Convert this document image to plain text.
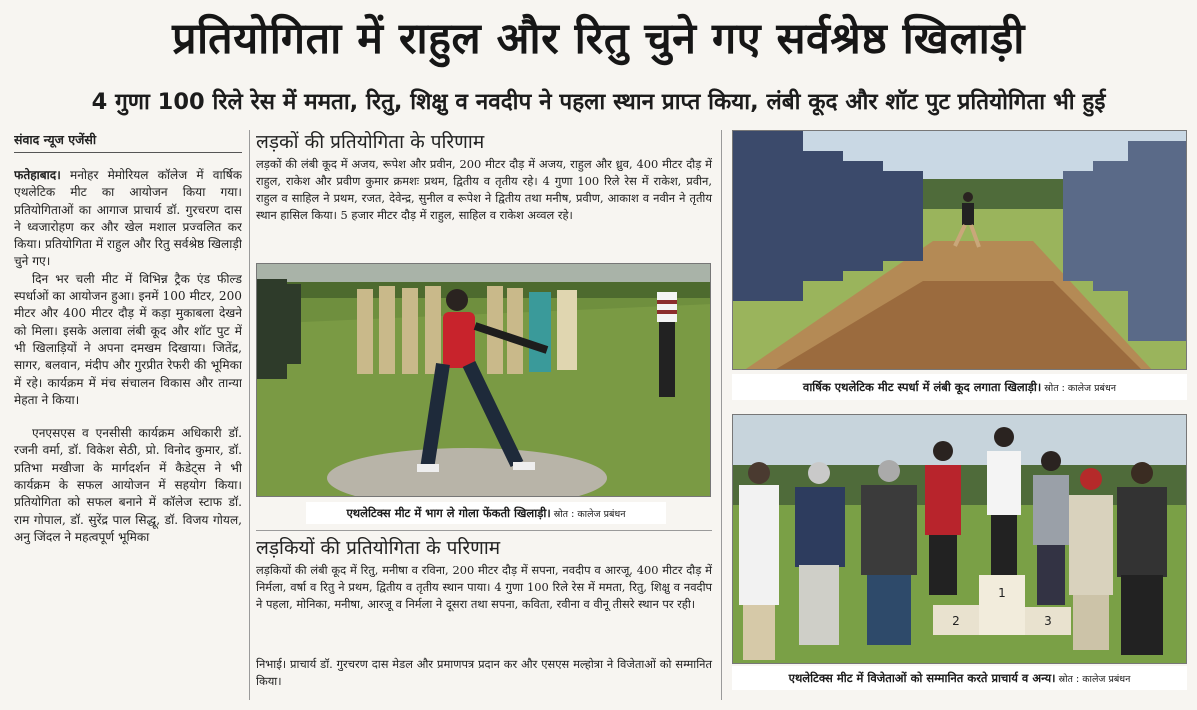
प्रतियोगिता में राहुल और रितु चुने गए सर्वश्रेष्ठ खिलाड़ी
4 गुणा 100 रिले रेस में ममता, रितु, शिक्षु व नवदीप ने पहला स्थान प्राप्त किया, लंबी कूद और शॉट पुट प्रतियोगिता भी हुई
संवाद न्यूज एजेंसी

फतेहाबाद। मनोहर मेमोरियल कॉलेज में वार्षिक एथलेटिक मीट का आयोजन किया गया। प्रतियोगिताओं का आगाज प्राचार्य डॉ. गुरचरण दास ने ध्वजारोहण कर और खेल मशाल प्रज्वलित कर किया। प्रतियोगिता में राहुल और रितु सर्वश्रेष्ठ खिलाड़ी चुने गए।

दिन भर चली मीट में विभिन्न ट्रैक एंड फील्ड स्पर्धाओं का आयोजन हुआ। इनमें 100 मीटर, 200 मीटर और 400 मीटर दौड़ में कड़ा मुकाबला देखने को मिला। इसके अलावा लंबी कूद और शॉट पुट में भी खिलाड़ियों ने अपना दमखम दिखाया। जितेंद्र, सागर, बलवान, मंदीप और गुरप्रीत रेफरी की भूमिका में रहे। कार्यक्रम में मंच संचालन विकास और तान्या मेहता ने किया।

एनएसएस व एनसीसी कार्यक्रम अधिकारी डॉ. रजनी वर्मा, डॉ. विकेश सेठी, प्रो. विनोद कुमार, डॉ. प्रतिभा मखीजा के मार्गदर्शन में कैडेट्स ने भी कार्यक्रम के सफल आयोजन में सहयोग किया। प्रतियोगिता को सफल बनाने में कॉलेज स्टाफ डॉ. राम गोपाल, डॉ. सुरेंद्र पाल सिद्धू, डॉ. विजय गोयल, अनु जिंदल ने महत्वपूर्ण भूमिका

लड़कों की प्रतियोगिता के परिणाम
लड़कों की लंबी कूद में अजय, रूपेश और प्रवीन, 200 मीटर दौड़ में अजय, राहुल और ध्रुव, 400 मीटर दौड़ में राहुल, राकेश और प्रवीण कुमार क्रमशः प्रथम, द्वितीय व तृतीय रहे। 4 गुणा 100 रिले रेस में राकेश, प्रवीन, राहुल व साहिल ने प्रथम, रजत, देवेन्द्र, सुनील व रूपेश ने द्वितीय तथा मनीष, प्रवीण, आकाश व नवीन ने तृतीय स्थान हासिल किया। 5 हजार मीटर दौड़ में राहुल, साहिल व राकेश अव्वल रहे।
एथलेटिक्स मीट में भाग ले गोला फेंकती खिलाड़ी। स्रोत : कालेज प्रबंधन
लड़कियों की प्रतियोगिता के परिणाम
लड़कियों की लंबी कूद में रितु, मनीषा व रविना, 200 मीटर दौड़ में सपना, नवदीप व आरजू, 400 मीटर दौड़ में निर्मला, वर्षा व रितु ने प्रथम, द्वितीय व तृतीय स्थान पाया। 4 गुणा 100 रिले रेस में ममता, रितु, शिक्षु व नवदीप ने पहला, मोनिका, मनीषा, आरजू व निर्मला ने दूसरा तथा सपना, कविता, रवीना व वीनू तीसरे स्थान पर रही।
निभाई। प्राचार्य डॉ. गुरचरण दास मेडल और प्रमाणपत्र प्रदान कर और एसएस मल्होत्रा ने विजेताओं को सम्मानित किया।
वार्षिक एथलेटिक मीट स्पर्धा में लंबी कूद लगाता खिलाड़ी। स्रोत : कालेज प्रबंधन
1
2	3
एथलेटिक्स मीट में विजेताओं को सम्मानित करते प्राचार्य व अन्य। स्रोत : कालेज प्रबंधन
